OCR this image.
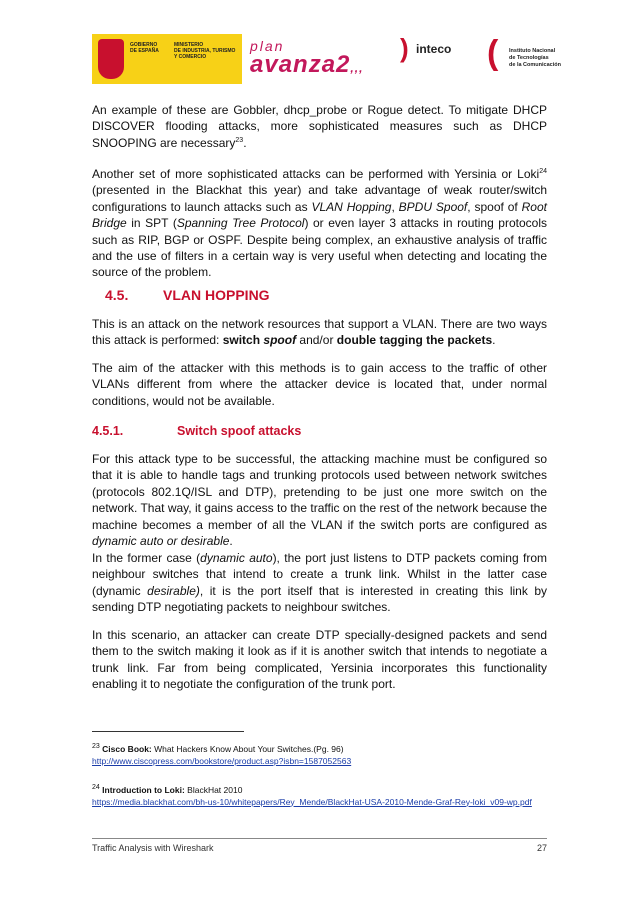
GOBIERNO
DE ESPAÑA
MINISTERIO
DE INDUSTRIA, TURISMO
Y COMERCIO
plan
avanza2,,,
) inteco ( Instituto Nacional
de Tecnologías
de la Comunicación

An example of these are Gobbler, dhcp_probe or Rogue detect. To mitigate DHCP DISCOVER flooding attacks, more sophisticated measures such as DHCP SNOOPING are necessary$^{23}$.

Another set of more sophisticated attacks can be performed with Yersinia or Loki$^{24}$ (presented in the Blackhat this year) and take advantage of weak router/switch configurations to launch attacks such as VLAN Hopping, BPDU Spoof, spoof of Root Bridge in SPT (Spanning Tree Protocol) or even layer 3 attacks in routing protocols such as RIP, BGP or OSPF. Despite being complex, an exhaustive analysis of traffic and the use of filters in a certain way is very useful when detecting and locating the source of the problem.

4.5. VLAN HOPPING

This is an attack on the network resources that support a VLAN. There are two ways this attack is performed: switch spoof and/or double tagging the packets.

The aim of the attacker with this methods is to gain access to the traffic of other VLANs different from where the attacker device is located that, under normal conditions, would not be available.

4.5.1.	Switch spoof attacks

For this attack type to be successful, the attacking machine must be configured so that it is able to handle tags and trunking protocols used between network switches (protocols 802.1Q/ISL and DTP), pretending to be just one more switch on the network. That way, it gains access to the traffic on the rest of the network because the machine becomes a member of all the VLAN if the switch ports are configured as dynamic auto or desirable.

In the former case (dynamic auto), the port just listens to DTP packets coming from neighbour switches that intend to create a trunk link. Whilst in the latter case (dynamic desirable), it is the port itself that is interested in creating this link by sending DTP negotiating packets to neighbour switches.

In this scenario, an attacker can create DTP specially-designed packets and send them to the switch making it look as if it is another switch that intends to negotiate a trunk link. Far from being complicated, Yersinia incorporates this functionality enabling it to negotiate the configuration of the trunk port.

$^{23}$ Cisco Book: What Hackers Know About Your Switches.(Pg. 96)
http://www.ciscopress.com/bookstore/product.asp?isbn=1587052563

$^{24}$ Introduction to Loki: BlackHat 2010
https://media.blackhat.com/bh-us-10/whitepapers/Rey_Mende/BlackHat-USA-2010-Mende-Graf-Rey-loki_v09-wp.pdf

Traffic Analysis with Wireshark	27
